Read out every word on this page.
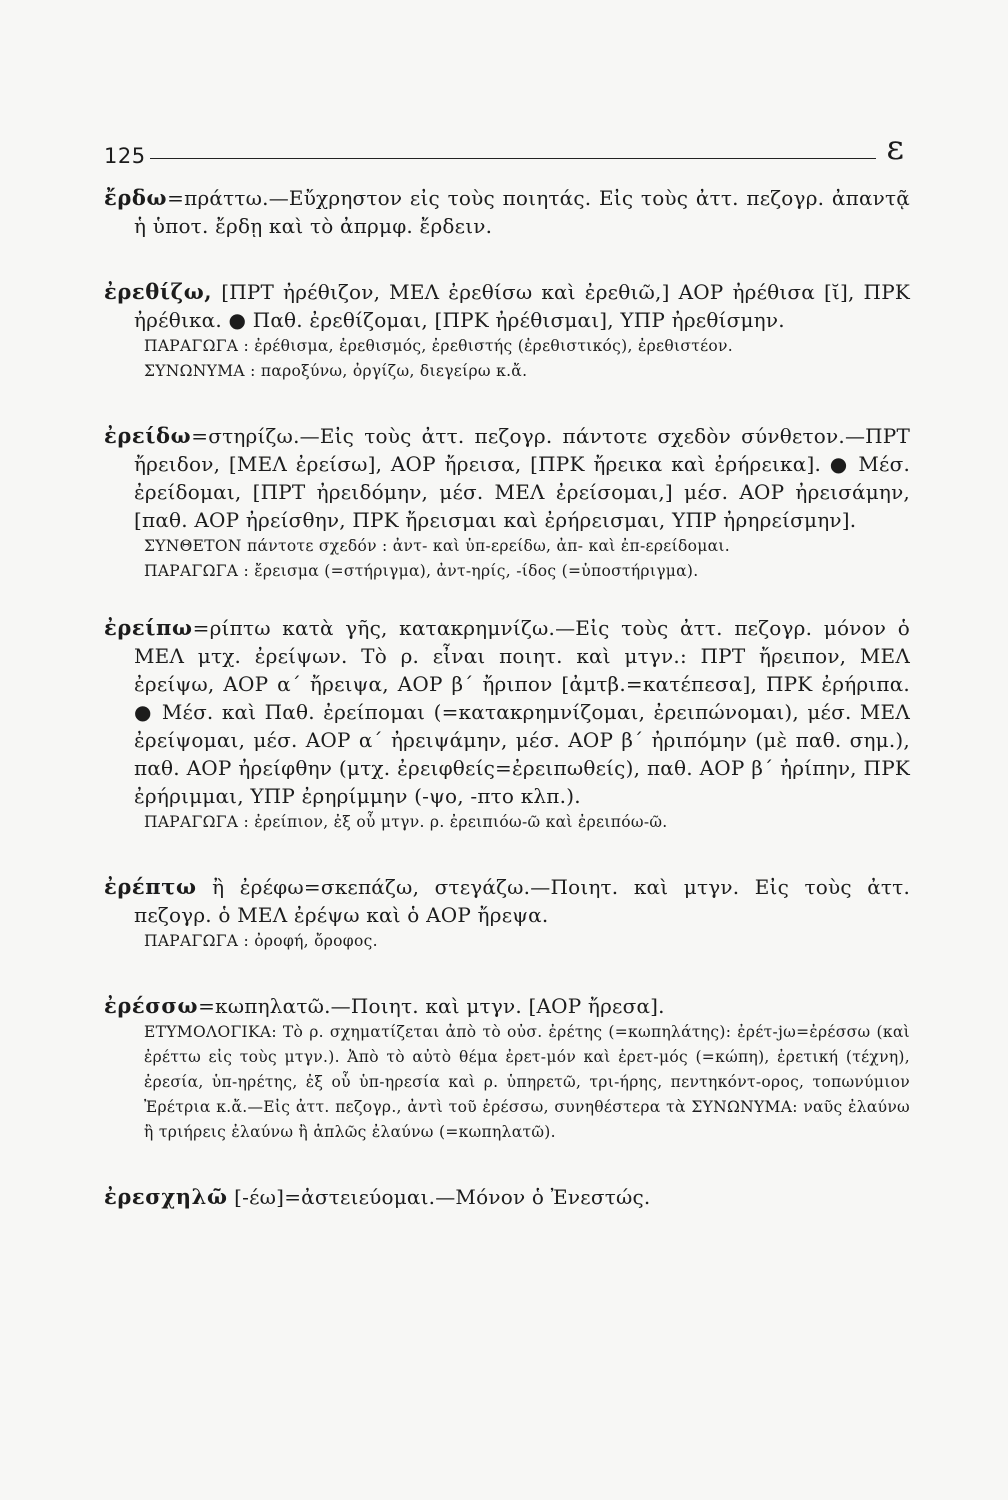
125	ε

ἔρδω=πράττω.—Εὔχρηστον εἰς τοὺς ποιητάς. Εἰς τοὺς ἀττ. πεζογρ. ἀπαντᾷ ἡ ὑποτ. ἔρδῃ καὶ τὸ ἀπρμφ. ἔρδειν.

ἐρεθίζω, [ΠΡΤ ἠρέθιζον, ΜΕΛ ἐρεθίσω καὶ ἐρεθιῶ,] ΑΟΡ ἠρέθισα [ῐ], ΠΡΚ ἠρέθικα. ● Παθ. ἐρεθίζομαι, [ΠΡΚ ἠρέθισμαι], ΥΠΡ ἠρεθίσμην.

ΠΑΡΑΓΩΓΑ : ἐρέθισμα, ἐρεθισμός, ἐρεθιστής (ἐρεθιστικός), ἐρεθιστέον.

ΣΥΝΩΝΥΜΑ : παροξύνω, ὀργίζω, διεγείρω κ.ἄ.

ἐρείδω=στηρίζω.—Εἰς τοὺς ἀττ. πεζογρ. πάντοτε σχεδὸν σύνθετον.—ΠΡΤ ἤρειδον, [ΜΕΛ ἐρείσω], ΑΟΡ ἤρεισα, [ΠΡΚ ἤρεικα καὶ ἐρήρεικα]. ● Μέσ. ἐρείδομαι, [ΠΡΤ ἠρειδόμην, μέσ. ΜΕΛ ἐρείσομαι,] μέσ. ΑΟΡ ἠρεισάμην, [παθ. ΑΟΡ ἠρείσθην, ΠΡΚ ἤρεισμαι καὶ ἐρήρεισμαι, ΥΠΡ ἠρηρείσμην].

ΣΥΝΘΕΤΟΝ πάντοτε σχεδόν : ἀντ- καὶ ὑπ-ερείδω, ἀπ- καὶ ἐπ-ερείδομαι.

ΠΑΡΑΓΩΓΑ : ἔρεισμα (=στήριγμα), ἀντ-ηρίς, -ίδος (=ὑποστήριγμα).

ἐρείπω=ρίπτω κατὰ γῆς, κατακρημνίζω.—Εἰς τοὺς ἀττ. πεζογρ. μόνον ὁ ΜΕΛ μτχ. ἐρείψων. Τὸ ρ. εἶναι ποιητ. καὶ μτγν.: ΠΡΤ ἤρειπον, ΜΕΛ ἐρείψω, ΑΟΡ α΄ ἤρειψα, ΑΟΡ β΄ ἤριπον [ἀμτβ.=κατέπεσα], ΠΡΚ ἐρήριπα. ● Μέσ. καὶ Παθ. ἐρείπομαι (=κατακρημνίζομαι, ἐρειπώνομαι), μέσ. ΜΕΛ ἐρείψομαι, μέσ. ΑΟΡ α΄ ἠρειψάμην, μέσ. ΑΟΡ β΄ ἠριπόμην (μὲ παθ. σημ.), παθ. ΑΟΡ ἠρείφθην (μτχ. ἐρειφθείς=ἐρειπωθείς), παθ. ΑΟΡ β΄ ἠρίπην, ΠΡΚ ἐρήριμμαι, ΥΠΡ ἐρηρίμμην (-ψο, -πτο κλπ.).

ΠΑΡΑΓΩΓΑ : ἐρείπιον, ἐξ οὗ μτγν. ρ. ἐρειπιόω-ῶ καὶ ἐρειπόω-ῶ.

ἐρέπτω ἢ ἐρέφω=σκεπάζω, στεγάζω.—Ποιητ. καὶ μτγν. Εἰς τοὺς ἀττ. πεζογρ. ὁ ΜΕΛ ἐρέψω καὶ ὁ ΑΟΡ ἤρεψα.

ΠΑΡΑΓΩΓΑ : ὀροφή, ὄροφος.

ἐρέσσω=κωπηλατῶ.—Ποιητ. καὶ μτγν. [ΑΟΡ ἤρεσα].

ΕΤΥΜΟΛΟΓΙΚΑ: Τὸ ρ. σχηματίζεται ἀπὸ τὸ οὐσ. ἐρέτης (=κωπηλάτης): ἐρέτ-jω=ἐρέσσω (καὶ ἐρέττω εἰς τοὺς μτγν.). Ἀπὸ τὸ αὐτὸ θέμα ἐρετ-μόν καὶ ἐρετ-μός (=κώπη), ἐρετική (τέχνη), ἐρεσία, ὑπ-ηρέτης, ἐξ οὗ ὑπ-ηρεσία καὶ ρ. ὑπηρετῶ, τρι-ήρης, πεντηκόντ-ορος, τοπωνύμιον Ἐρέτρια κ.ἄ.—Εἰς ἀττ. πεζογρ., ἀντὶ τοῦ ἐρέσσω, συνηθέστερα τὰ ΣΥΝΩΝΥΜΑ: ναῦς ἐλαύνω ἢ τριήρεις ἐλαύνω ἢ ἁπλῶς ἐλαύνω (=κωπηλατῶ).

ἐρεσχηλῶ [-έω]=ἀστειεύομαι.—Μόνον ὁ Ἐνεστώς.
